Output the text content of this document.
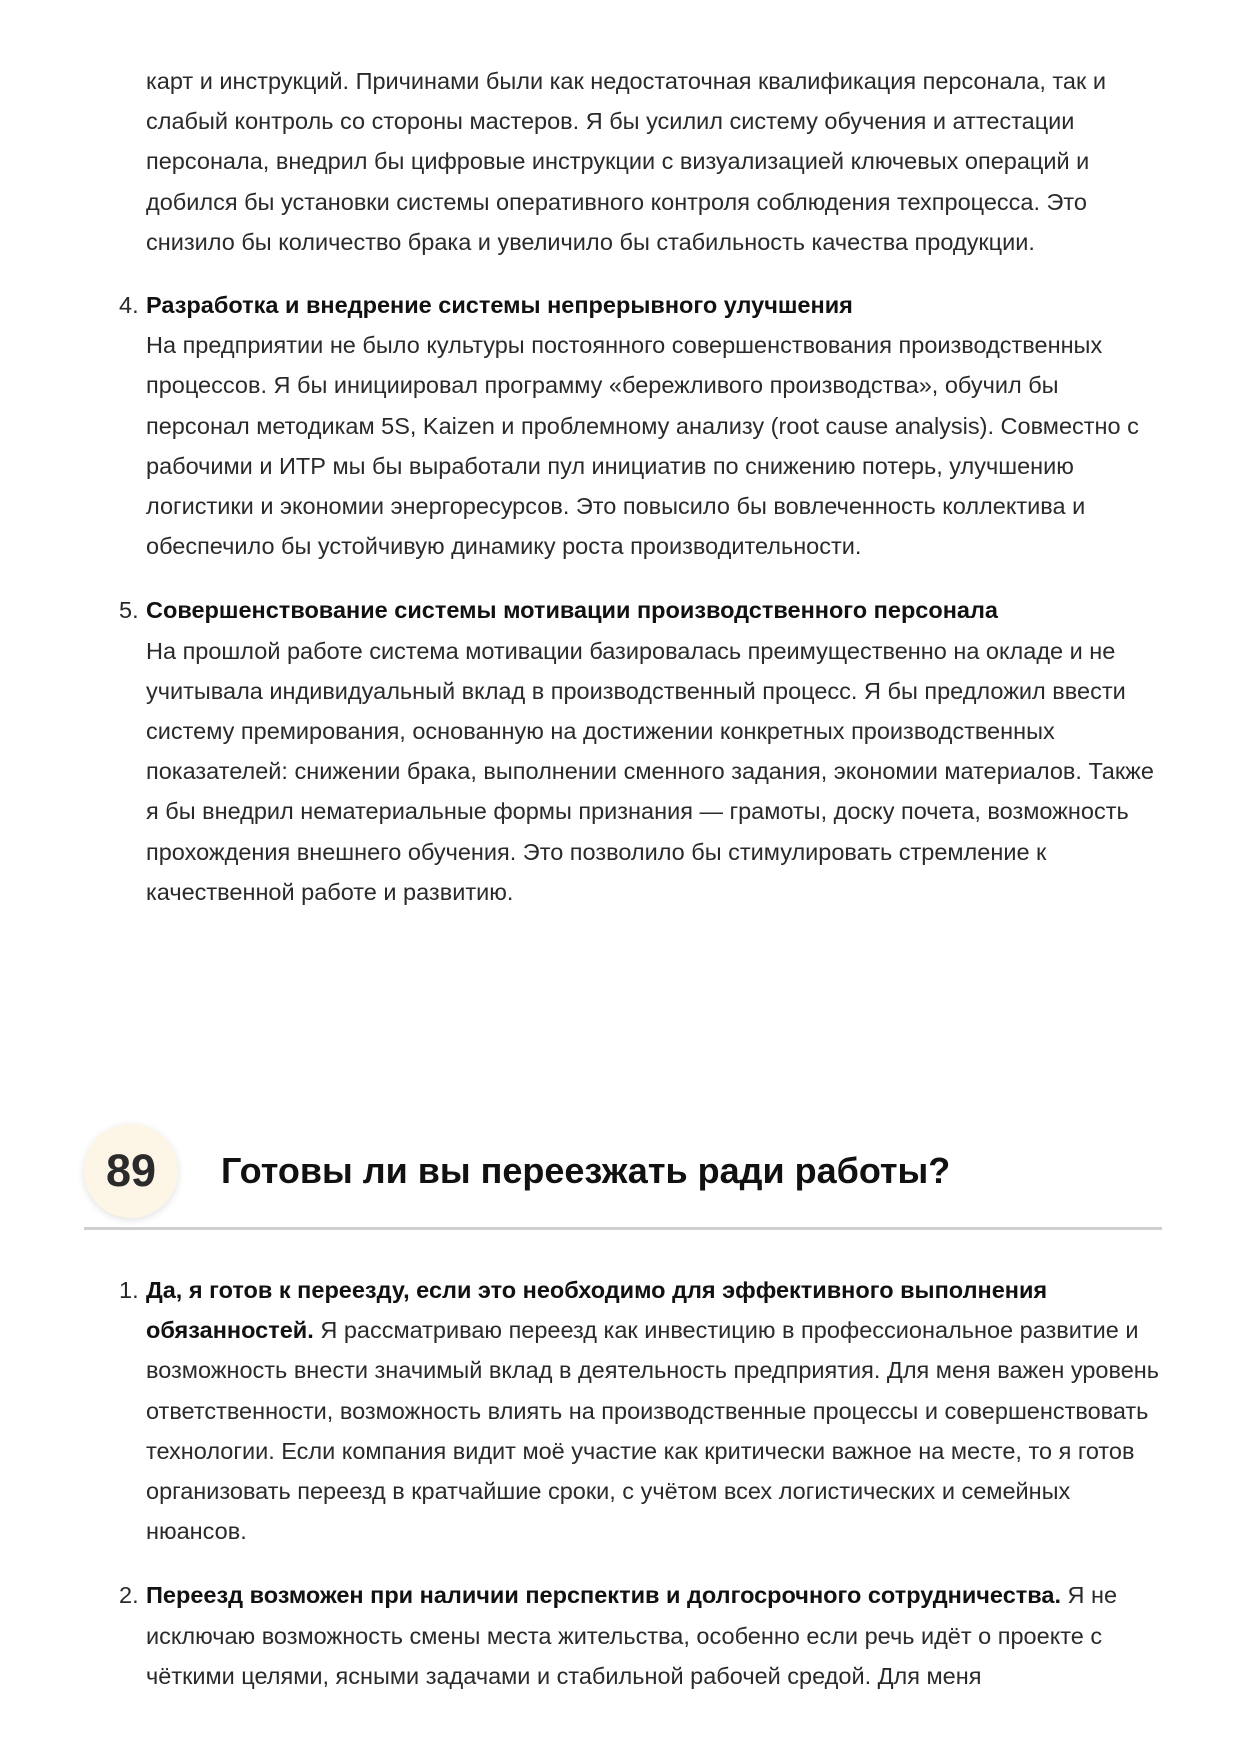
карт и инструкций. Причинами были как недостаточная квалификация персонала, так и слабый контроль со стороны мастеров. Я бы усилил систему обучения и аттестации персонала, внедрил бы цифровые инструкции с визуализацией ключевых операций и добился бы установки системы оперативного контроля соблюдения техпроцесса. Это снизило бы количество брака и увеличило бы стабильность качества продукции.
4. Разработка и внедрение системы непрерывного улучшения
На предприятии не было культуры постоянного совершенствования производственных процессов. Я бы инициировал программу «бережливого производства», обучил бы персонал методикам 5S, Kaizen и проблемному анализу (root cause analysis). Совместно с рабочими и ИТР мы бы выработали пул инициатив по снижению потерь, улучшению логистики и экономии энергоресурсов. Это повысило бы вовлеченность коллектива и обеспечило бы устойчивую динамику роста производительности.
5. Совершенствование системы мотивации производственного персонала
На прошлой работе система мотивации базировалась преимущественно на окладе и не учитывала индивидуальный вклад в производственный процесс. Я бы предложил ввести систему премирования, основанную на достижении конкретных производственных показателей: снижении брака, выполнении сменного задания, экономии материалов. Также я бы внедрил нематериальные формы признания — грамоты, доску почета, возможность прохождения внешнего обучения. Это позволило бы стимулировать стремление к качественной работе и развитию.
89	Готовы ли вы переезжать ради работы?
1. Да, я готов к переезду, если это необходимо для эффективного выполнения обязанностей. Я рассматриваю переезд как инвестицию в профессиональное развитие и возможность внести значимый вклад в деятельность предприятия. Для меня важен уровень ответственности, возможность влиять на производственные процессы и совершенствовать технологии. Если компания видит моё участие как критически важное на месте, то я готов организовать переезд в кратчайшие сроки, с учётом всех логистических и семейных нюансов.
2. Переезд возможен при наличии перспектив и долгосрочного сотрудничества. Я не исключаю возможность смены места жительства, особенно если речь идёт о проекте с чёткими целями, ясными задачами и стабильной рабочей средой. Для меня
